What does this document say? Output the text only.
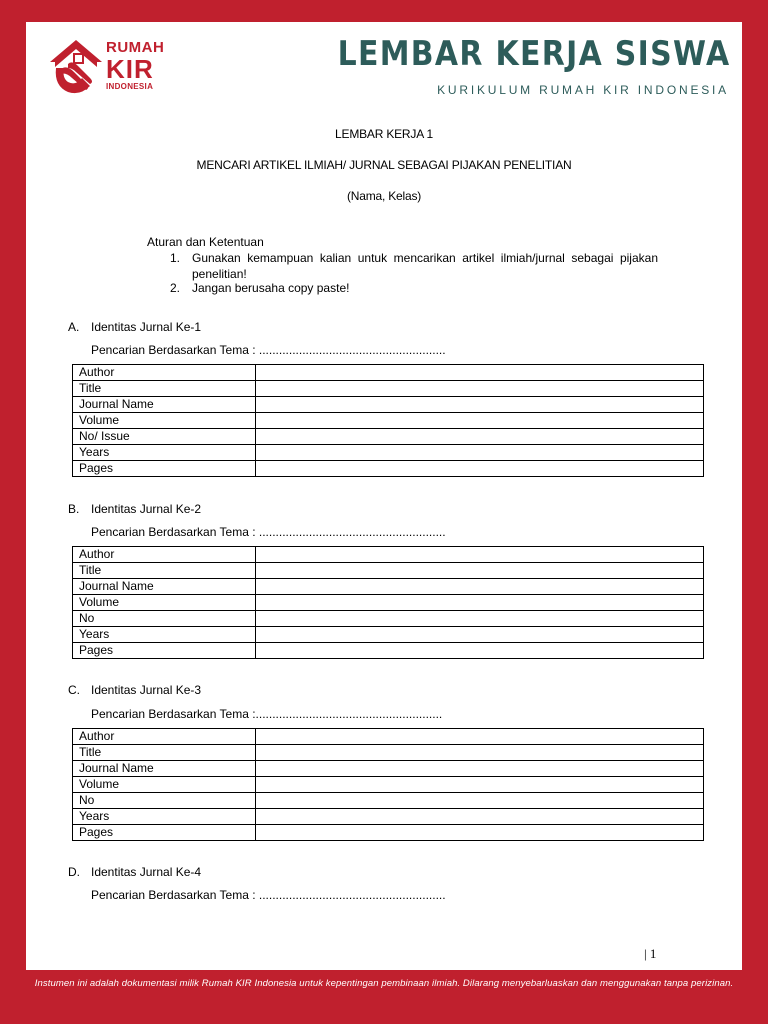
RUMAH
KIR
INDONESIA
LEMBAR KERJA SISWA
KURIKULUM RUMAH KIR INDONESIA
LEMBAR KERJA 1
MENCARI ARTIKEL ILMIAH/ JURNAL SEBAGAI PIJAKAN PENELITIAN
(Nama, Kelas)
Aturan dan Ketentuan
1. Gunakan kemampuan kalian untuk mencarikan artikel ilmiah/jurnal sebagai pijakan penelitian!
2. Jangan berusaha copy paste!
A. Identitas Jurnal Ke-1
Pencarian Berdasarkan Tema : ........................................................
Author	
Title	
Journal Name	
Volume	
No/ Issue	
Years	
Pages	
B. Identitas Jurnal Ke-2
Pencarian Berdasarkan Tema : ........................................................
Author	
Title	
Journal Name	
Volume	
No	
Years	
Pages	
C. Identitas Jurnal Ke-3
Pencarian Berdasarkan Tema :........................................................
Author	
Title	
Journal Name	
Volume	
No	
Years	
Pages	
D. Identitas Jurnal Ke-4
Pencarian Berdasarkan Tema : ........................................................
| 1
Instumen ini adalah dokumentasi milik Rumah KIR Indonesia untuk kepentingan pembinaan ilmiah. Dilarang menyebarluaskan dan menggunakan tanpa perizinan.
